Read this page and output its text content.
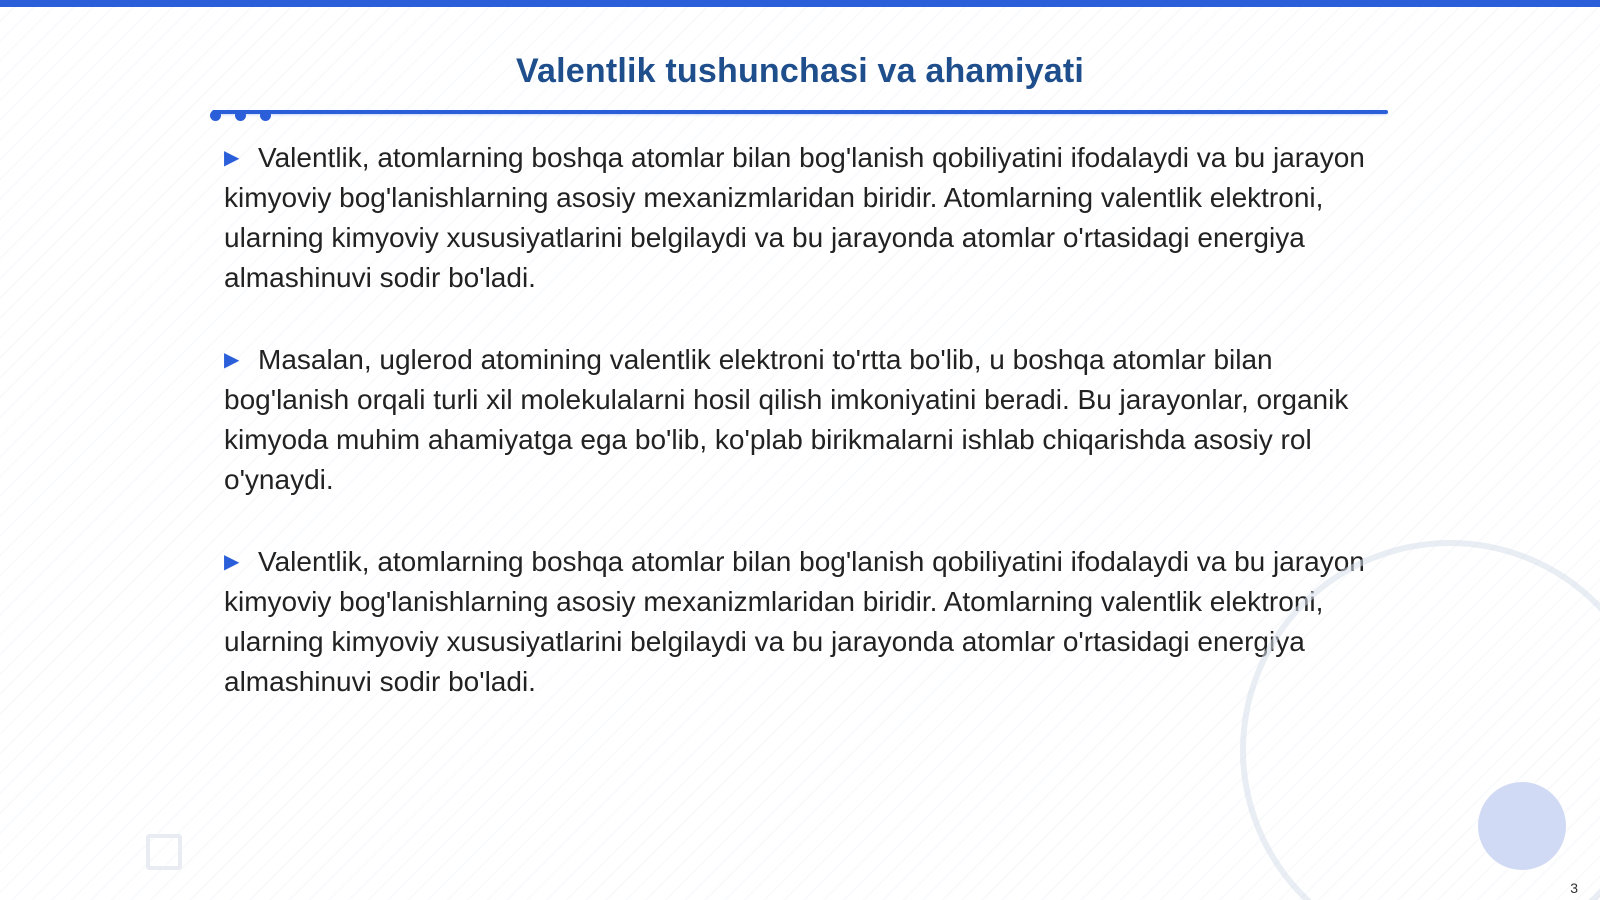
Valentlik tushunchasi va ahamiyati

▶ Valentlik, atomlarning boshqa atomlar bilan bog'lanish qobiliyatini ifodalaydi va bu jarayon kimyoviy bog'lanishlarning asosiy mexanizmlaridan biridir. Atomlarning valentlik elektroni, ularning kimyoviy xususiyatlarini belgilaydi va bu jarayonda atomlar o'rtasidagi energiya almashinuvi sodir bo'ladi.

▶ Masalan, uglerod atomining valentlik elektroni to'rtta bo'lib, u boshqa atomlar bilan bog'lanish orqali turli xil molekulalarni hosil qilish imkoniyatini beradi. Bu jarayonlar, organik kimyoda muhim ahamiyatga ega bo'lib, ko'plab birikmalarni ishlab chiqarishda asosiy rol o'ynaydi.

▶ Valentlik, atomlarning boshqa atomlar bilan bog'lanish qobiliyatini ifodalaydi va bu jarayon kimyoviy bog'lanishlarning asosiy mexanizmlaridan biridir. Atomlarning valentlik elektroni, ularning kimyoviy xususiyatlarini belgilaydi va bu jarayonda atomlar o'rtasidagi energiya almashinuvi sodir bo'ladi.

3
